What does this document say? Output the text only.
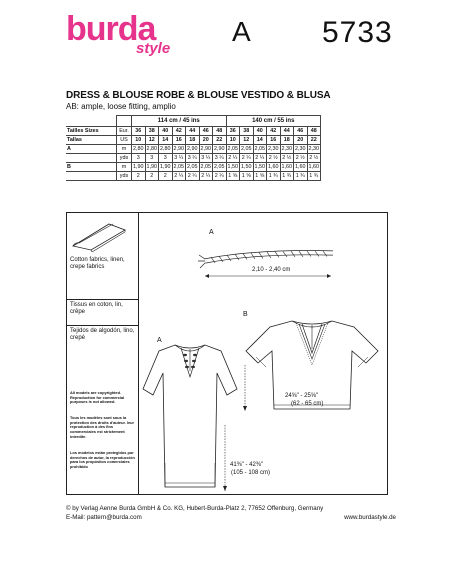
burda
style
A 5733
DRESS & BLOUSE ROBE & BLOUSE VESTIDO & BLUSA
AB: ample, loose fitting, amplio
		114 cm / 45 ins							140 cm / 55 ins						
Tailles Sizes	Eur.	36	38	40	42	44	46	48	36	38	40	42	44	46	48
Tallas	US	10	12	14	16	18	20	22	10	12	14	16	18	20	22
A	m	2,80	2,80	2,80	2,90	2,90	2,90	2,90	2,05	2,05	2,05	2,30	2,30	2,30	2,30
	yds	3	3	3	3 ¼	3 ¼	3 ¼	3 ¼	2 ¼	2 ¼	2 ¼	2 ½	2 ½	2 ½	2 ½
B	m	1,90	1,90	1,90	2,05	2,05	2,05	2,05	1,50	1,50	1,50	1,60	1,60	1,60	1,60
	yds	2	2	2	2 ¼	2 ¼	2 ¼	2 ¼	1 ⅝	1 ⅝	1 ⅝	1 ¾	1 ¾	1 ¾	1 ¾
Cotton fabrics, linen, crepe fabrics
Tissus en coton, lin, crêpe
Tejidos de algodón, lino, crepé
All models are copyrighted. Reproduction for commercial purposes is not allowed.
Tous les modèles sont sous la protection des droits d'auteur. leur reproduction à des fins commerciales est strictement interdite.
Los modelos están protegidos por derechos de autor, la reproducción para los propósitos comerciales prohibido
A
2,10 - 2,40 cm
B
24⅝" - 25⅝"
(62 - 65 cm)
A
41⅜" - 42⅜"
(105 - 108 cm)
© by Verlag Aenne Burda GmbH & Co. KG, Hubert-Burda-Platz 2, 77652 Offenburg, Germany
E-Mail: pattern@burda.com	www.burdastyle.de
